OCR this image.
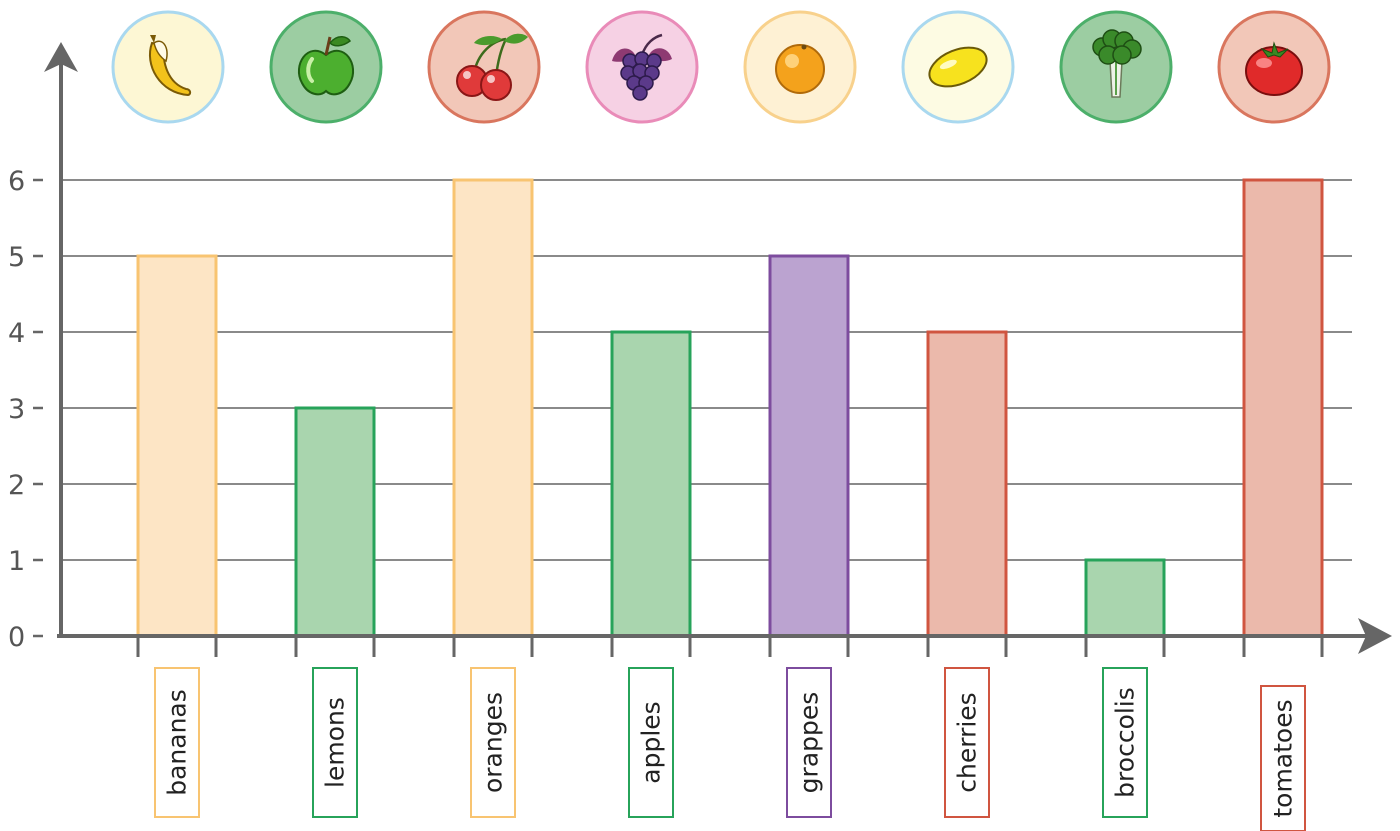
0
1
2
3
4
5
6
bananas	lemons	oranges	apples	grappes	cherries	broccolis	tomatoes
